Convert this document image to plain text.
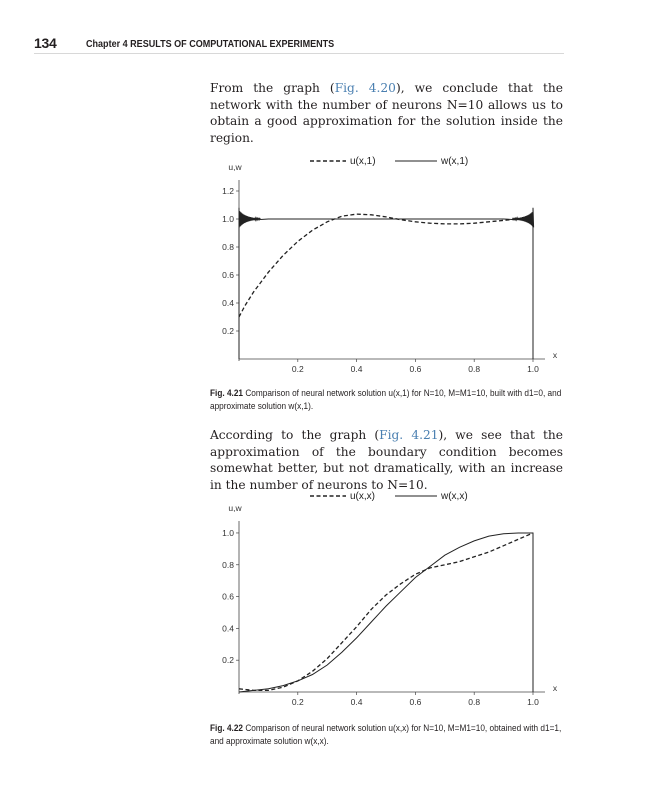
134	Chapter 4 RESULTS OF COMPUTATIONAL EXPERIMENTS

From the graph (Fig. 4.20), we conclude that the network with the number of neurons N=10 allows us to obtain a good approximation for the solution inside the region.

u,w
x
0.2	0.4	0.6	0.8	1.0
0.2
0.4
0.6
0.8
1.0
1.2
u(x,1)	w(x,1)
Fig. 4.21 Comparison of neural network solution u(x,1) for N=10, M=M1=10, built with d1=0, and approximate solution w(x,1).

According to the graph (Fig. 4.21), we see that the approximation of the boundary condition becomes somewhat better, but not dramatically, with an increase in the number of neurons to N=10.

u,w
x
0.2	0.4	0.6	0.8	1.0
0.2
0.4
0.6
0.8
1.0
u(x,x)	w(x,x)
Fig. 4.22 Comparison of neural network solution u(x,x) for N=10, M=M1=10, obtained with d1=1, and approximate solution w(x,x).
